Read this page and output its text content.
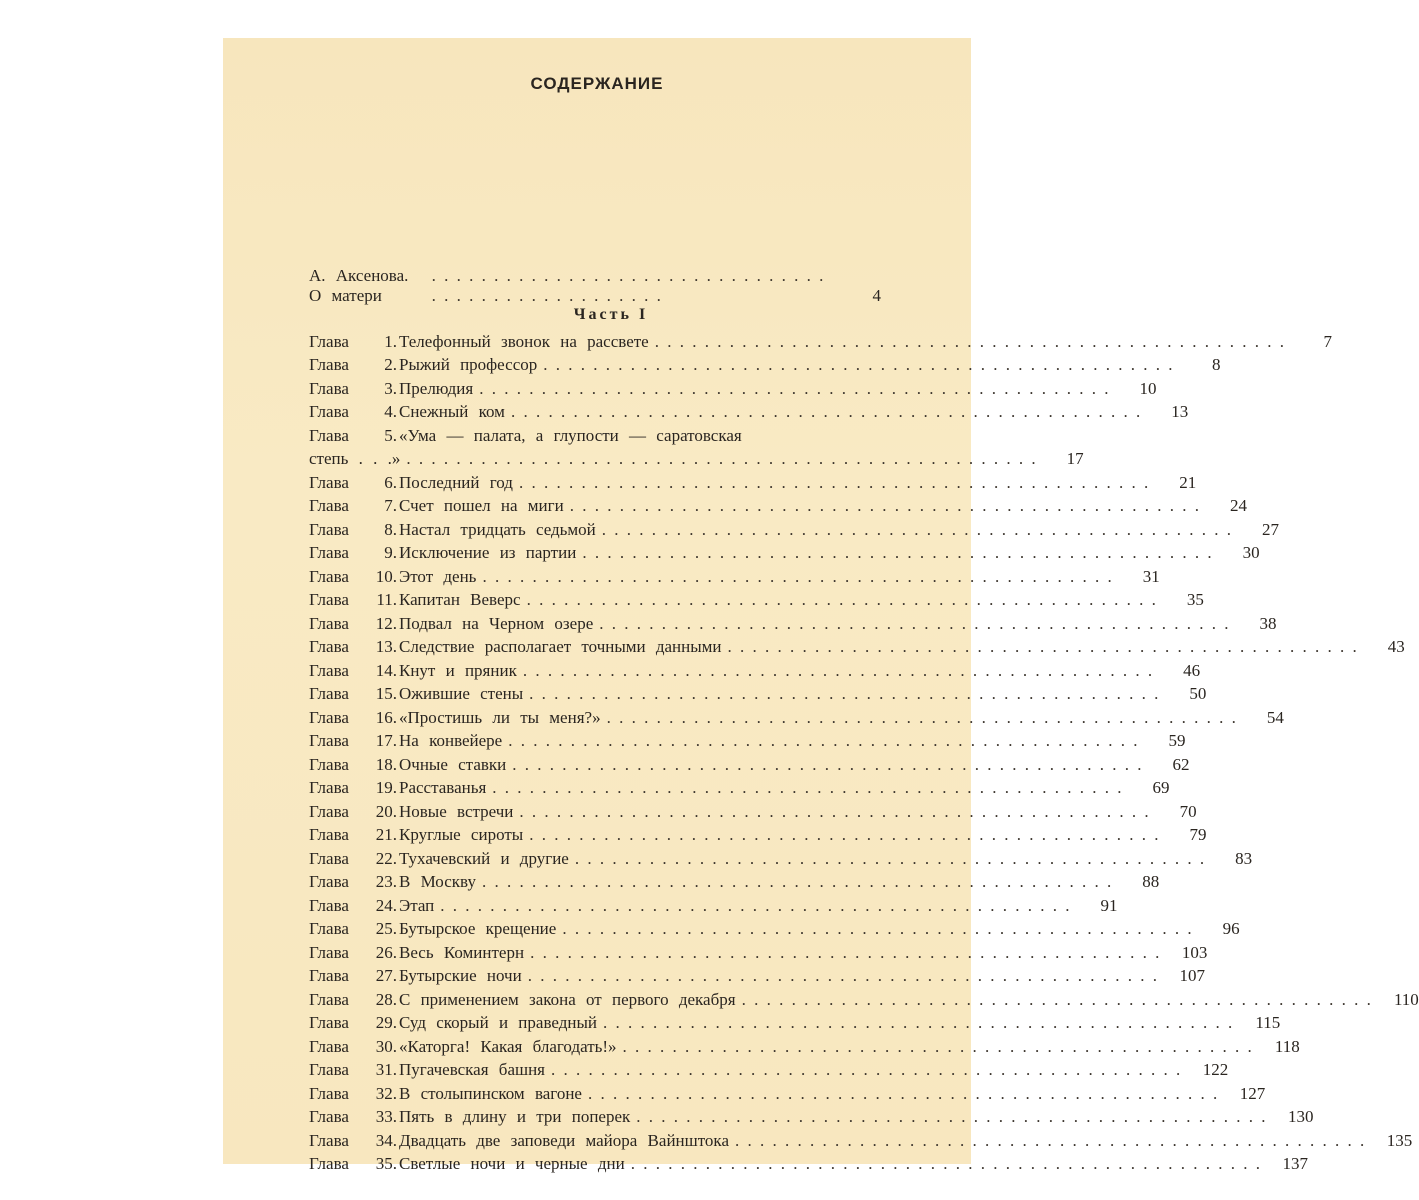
СОДЕРЖАНИЕ
А. Аксенова. О матери . . .	4
Часть I
Глава	1. Телефонный звонок на рассвете . . .	7
Глава	2. Рыжий профессор . . .	8
Глава	3. Прелюдия . . .	10
Глава	4. Снежный ком . . .	13
Глава	5. «Ума — палата, а глупости — саратовская
степь . . .» . . .	17
Глава	6. Последний год . . .	21
Глава	7. Счет пошел на миги . . .	24
Глава	8. Настал тридцать седьмой . . .	27
Глава	9. Исключение из партии . . .	30
Глава	10. Этот день . . .	31
Глава	11. Капитан Веверс . . .	35
Глава	12. Подвал на Черном озере . . .	38
Глава	13. Следствие располагает точными данными . . .	43
Глава	14. Кнут и пряник . . .	46
Глава	15. Ожившие стены . . .	50
Глава	16. «Простишь ли ты меня?» . . .	54
Глава	17. На конвейере . . .	59
Глава	18. Очные ставки . . .	62
Глава	19. Расставанья . . .	69
Глава	20. Новые встречи . . .	70
Глава	21. Круглые сироты . . .	79
Глава	22. Тухачевский и другие . . .	83
Глава	23. В Москву . . .	88
Глава	24. Этап . . .	91
Глава	25. Бутырское крещение . . .	96
Глава	26. Весь Коминтерн . . .	103
Глава	27. Бутырские ночи . . .	107
Глава	28. С применением закона от первого декабря . . .	110
Глава	29. Суд скорый и праведный . . .	115
Глава	30. «Каторга! Какая благодать!» . . .	118
Глава	31. Пугачевская башня . . .	122
Глава	32. В столыпинском вагоне . . .	127
Глава	33. Пять в длину и три поперек . . .	130
Глава	34. Двадцать две заповеди майора Вайнштока . . .	135
Глава	35. Светлые ночи и черные дни . . .	137
